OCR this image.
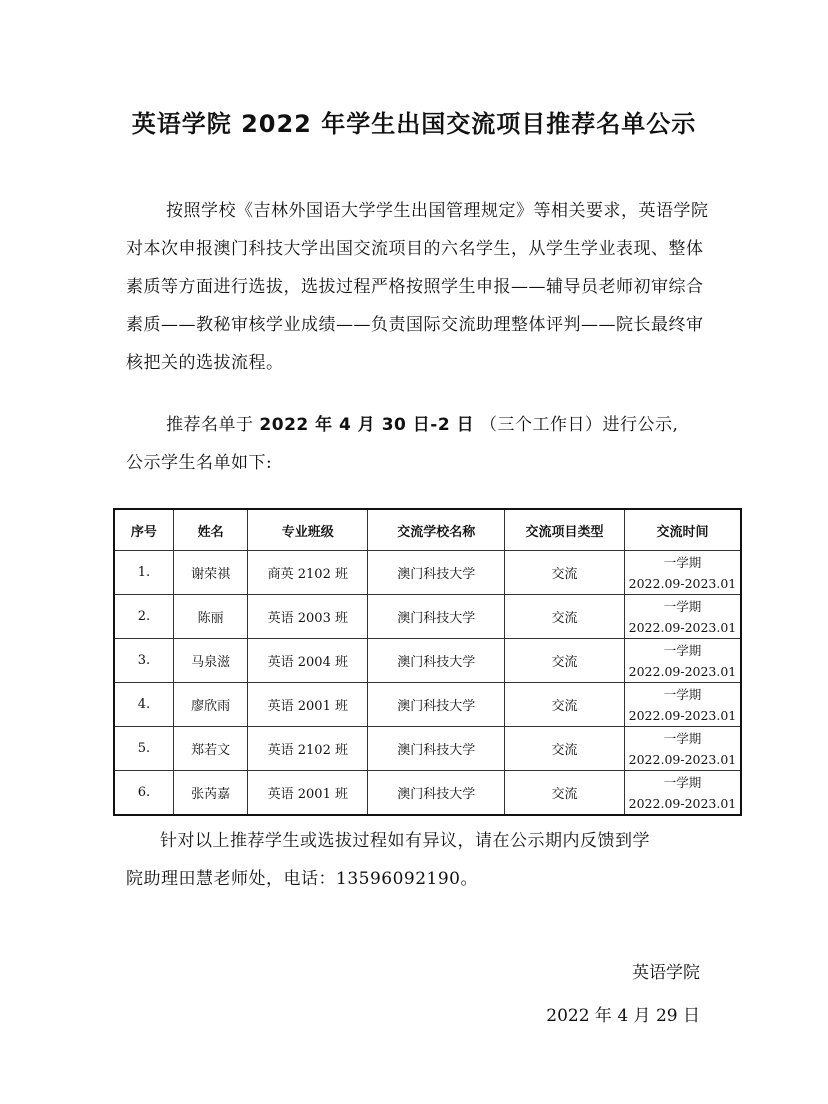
英语学院 2022 年学生出国交流项目推荐名单公示
按照学校《吉林外国语大学学生出国管理规定》等相关要求，英语学院对本次申报澳门科技大学出国交流项目的六名学生，从学生学业表现、整体素质等方面进行选拔，选拔过程严格按照学生申报——辅导员老师初审综合素质——教秘审核学业成绩——负责国际交流助理整体评判——院长最终审核把关的选拔流程。
推荐名单于 2022 年 4 月 30 日-2 日 （三个工作日）进行公示,
公示学生名单如下:
序号	姓名	专业班级	交流学校名称	交流项目类型	交流时间
1.	谢荣祺	商英 2102 班	澳门科技大学	交流	一学期
2022.09-2023.01

2.	陈丽	英语 2003 班	澳门科技大学	交流	一学期
2022.09-2023.01

3.	马泉滋	英语 2004 班	澳门科技大学	交流	一学期
2022.09-2023.01

4.	廖欣雨	英语 2001 班	澳门科技大学	交流	一学期
2022.09-2023.01

5.	郑若文	英语 2102 班	澳门科技大学	交流	一学期
2022.09-2023.01

6.	张芮嘉	英语 2001 班	澳门科技大学	交流	一学期
2022.09-2023.01
针对以上推荐学生或选拔过程如有异议，请在公示期内反馈到学
院助理田慧老师处，电话：13596092190。
英语学院
2022 年 4 月 29 日
